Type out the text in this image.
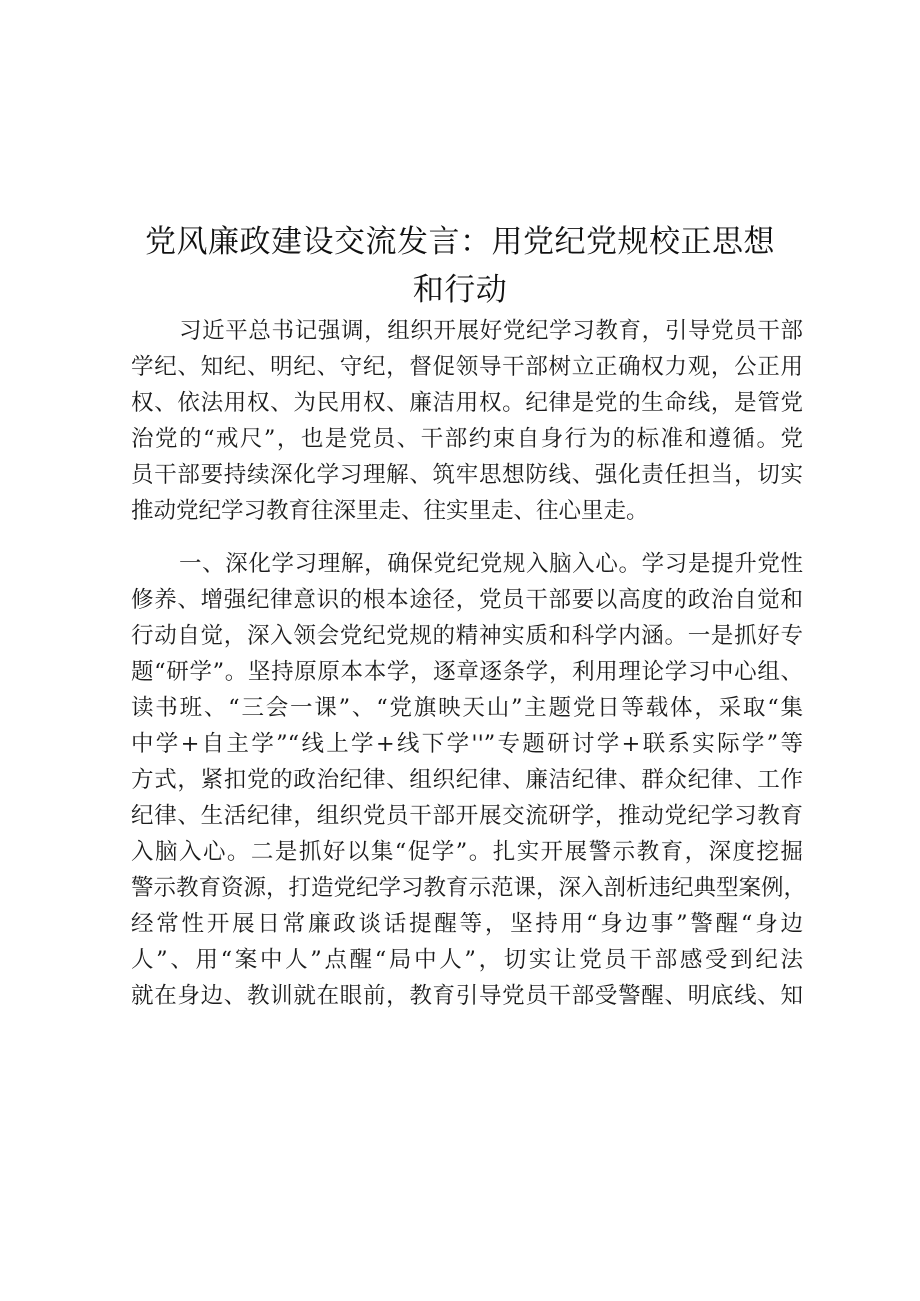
党风廉政建设交流发言：用党纪党规校正思想
和行动
习近平总书记强调，组织开展好党纪学习教育，引导党员干部
学纪、知纪、明纪、守纪，督促领导干部树立正确权力观，公正用
权、依法用权、为民用权、廉洁用权。纪律是党的生命线，是管党
治党的“戒尺”，也是党员、干部约束自身行为的标准和遵循。党
员干部要持续深化学习理解、筑牢思想防线、强化责任担当，切实
推动党纪学习教育往深里走、往实里走、往心里走。
一、深化学习理解，确保党纪党规入脑入心。学习是提升党性
修养、增强纪律意识的根本途径，党员干部要以高度的政治自觉和
行动自觉，深入领会党纪党规的精神实质和科学内涵。一是抓好专
题“研学”。坚持原原本本学，逐章逐条学，利用理论学习中心组、
读书班、“三会一课”、“党旗映天山”主题党日等载体，采取“集
中学+自主学”“线上学+线下学''”专题研讨学+联系实际学”等
方式，紧扣党的政治纪律、组织纪律、廉洁纪律、群众纪律、工作
纪律、生活纪律，组织党员干部开展交流研学，推动党纪学习教育
入脑入心。二是抓好以集“促学”。扎实开展警示教育，深度挖掘
警示教育资源，打造党纪学习教育示范课，深入剖析违纪典型案例，
经常性开展日常廉政谈话提醒等，坚持用“身边事”警醒“身边
人”、用“案中人”点醒“局中人”，切实让党员干部感受到纪法
就在身边、教训就在眼前，教育引导党员干部受警醒、明底线、知
